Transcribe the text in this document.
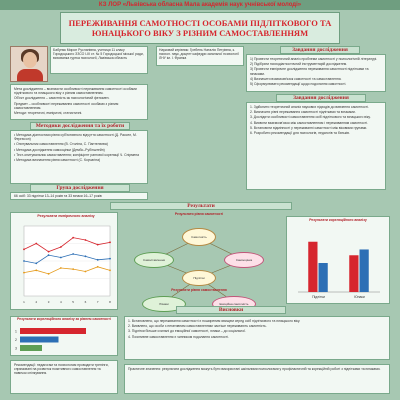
КЗ ЛОР «Львівська обласна Мала академія наук учнівської молоді»
ПЕРЕЖИВАННЯ САМОТНОСТІ ОСОБАМИ ПІДЛІТКОВОГО ТА ЮНАЦЬКОГО ВІКУ З РІЗНИМ САМОСТАВЛЕННЯМ
Бабуняк Мирон Русланівна, учениця 11 класу Городоцького ЗЗСО І-ІІІ ст. № 5 Городоцької міської ради, вихованка гуртка психології, Львівська область
Науковий керівник: Гребень Наталія Петрівна, к. психол. наук, доцент кафедри загальної психології ЛНУ ім. І. Франка
Завдання дослідження

1) Провести теоретичний аналіз проблеми самотності у психологічній літературі.

2) Підібрати психодіагностичний інструментарій дослідження.

3) Провести емпіричне дослідження переживання самотності підлітками та юнаками.

4) Визначити взаємозв'язок самотності та самоставлення.

5) Сформулювати рекомендації щодо подолання самотності.

Мета дослідження – визначити особливості переживання самотності особами підліткового та юнацького віку з різним самоставленням.

Об'єкт дослідження – самотність як психологічний феномен.

Предмет – особливості переживання самотності особами з різним самоставленням.

Методи: теоретичні, емпіричні, статистичні.

Методики дослідження та їх роботи

• Методика діагностики рівня суб'єктивного відчуття самотності (Д. Рассел, М. Фергюсон)

• Опитувальник самоставлення (В. Століна, С. Пантелєєва)

• Методика дослідження самооцінки (Дембо–Рубінштейн)

• Тест-опитувальник самоставлення; коефіцієнт рангової кореляції Ч. Спірмена

• Методика визначення рівня самотності (С. Корчагіна)

Група дослідження
66 осіб: 33 підлітки 13–14 років та 33 юнаки 16–17 років
Завдання дослідження

1. Здійснити теоретичний аналіз наукових підходів до вивчення самотності.

2. Визначити рівні переживання самотності підлітками та юнаками.

3. Дослідити особливості самоставлення осіб підліткового та юнацького віку.

4. Виявити взаємозв'язок між самоставленням і переживанням самотності.

5. Встановити відмінності у переживанні самотності між віковими групами.

6. Розробити рекомендації для психологів, педагогів та батьків.

Результати
Результати емпіричного аналізу
1	2	3	4	5	6	7	8
Результати рівня самотності
Самотність
Самоставлення	Самооцінка
Підлітки
Результати рівня самоставлення
Юнаки	Емоційна самотність
Результати кореляційного аналізу
Підлітки	Юнаки
Результати кореляційного аналізу за рівнем самотності
1
2
3
Висновки

1. Встановлено, що переживання самотності є поширеним явищем серед осіб підліткового та юнацького віку.

2. Виявлено, що особи з негативним самоставленням частіше переживають самотність.

3. Підлітки більше схильні до емоційної самотності, юнаки – до соціальної.

4. Позитивне самоставлення є чинником подолання самотності.

Рекомендації: педагогам та психологам проводити тренінги, спрямовані на розвиток позитивного самоставлення та навичок спілкування.
Практичне значення: результати дослідження можуть бути використані шкільними психологами у профілактичній та корекційній роботі з підлітками та юнаками.
